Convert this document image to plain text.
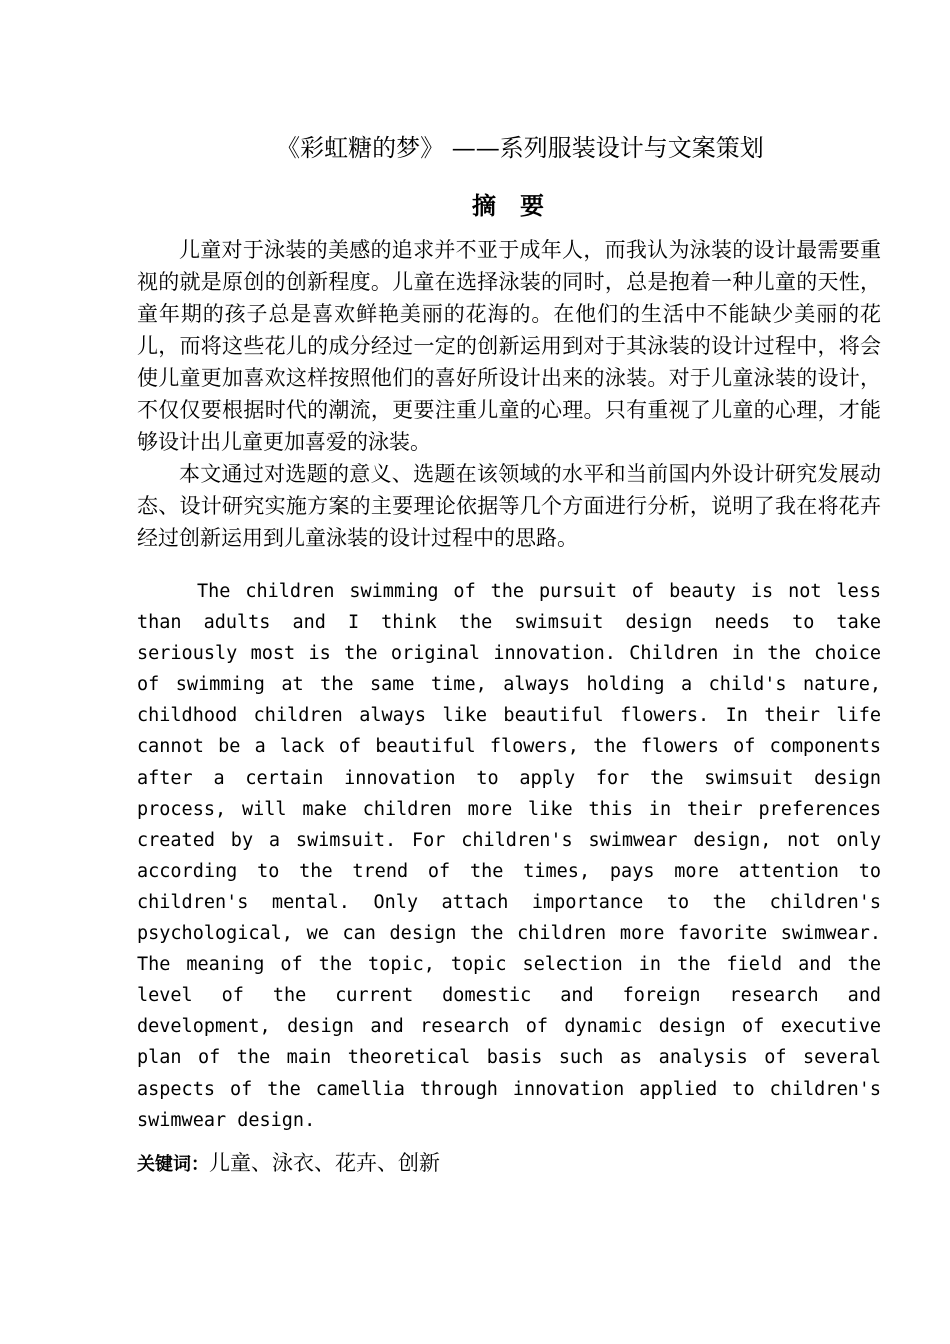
《彩虹糖的梦》 ——系列服装设计与文案策划
摘要

儿童对于泳装的美感的追求并不亚于成年人，而我认为泳装的设计最需要重视的就是原创的创新程度。儿童在选择泳装的同时，总是抱着一种儿童的天性，童年期的孩子总是喜欢鲜艳美丽的花海的。在他们的生活中不能缺少美丽的花儿，而将这些花儿的成分经过一定的创新运用到对于其泳装的设计过程中，将会使儿童更加喜欢这样按照他们的喜好所设计出来的泳装。对于儿童泳装的设计，不仅仅要根据时代的潮流，更要注重儿童的心理。只有重视了儿童的心理，才能够设计出儿童更加喜爱的泳装。

本文通过对选题的意义、选题在该领域的水平和当前国内外设计研究发展动态、设计研究实施方案的主要理论依据等几个方面进行分析，说明了我在将花卉经过创新运用到儿童泳装的设计过程中的思路。

The children swimming of the pursuit of beauty is not less than adults and I think the swimsuit design needs to take seriously most is the original innovation. Children in the choice of swimming at the same time, always holding a child's nature, childhood children always like beautiful flowers. In their life cannot be a lack of beautiful flowers, the flowers of components after a certain innovation to apply for the swimsuit design process, will make children more like this in their preferences created by a swimsuit. For children's swimwear design, not only according to the trend of the times, pays more attention to children's mental. Only attach importance to the children's psychological, we can design the children more favorite swimwear. The meaning of the topic, topic selection in the field and the level of the current domestic and foreign research and development, design and research of dynamic design of executive plan of the main theoretical basis such as analysis of several aspects of the camellia through innovation applied to children's swimwear design.

关键词：儿童、泳衣、花卉、创新
